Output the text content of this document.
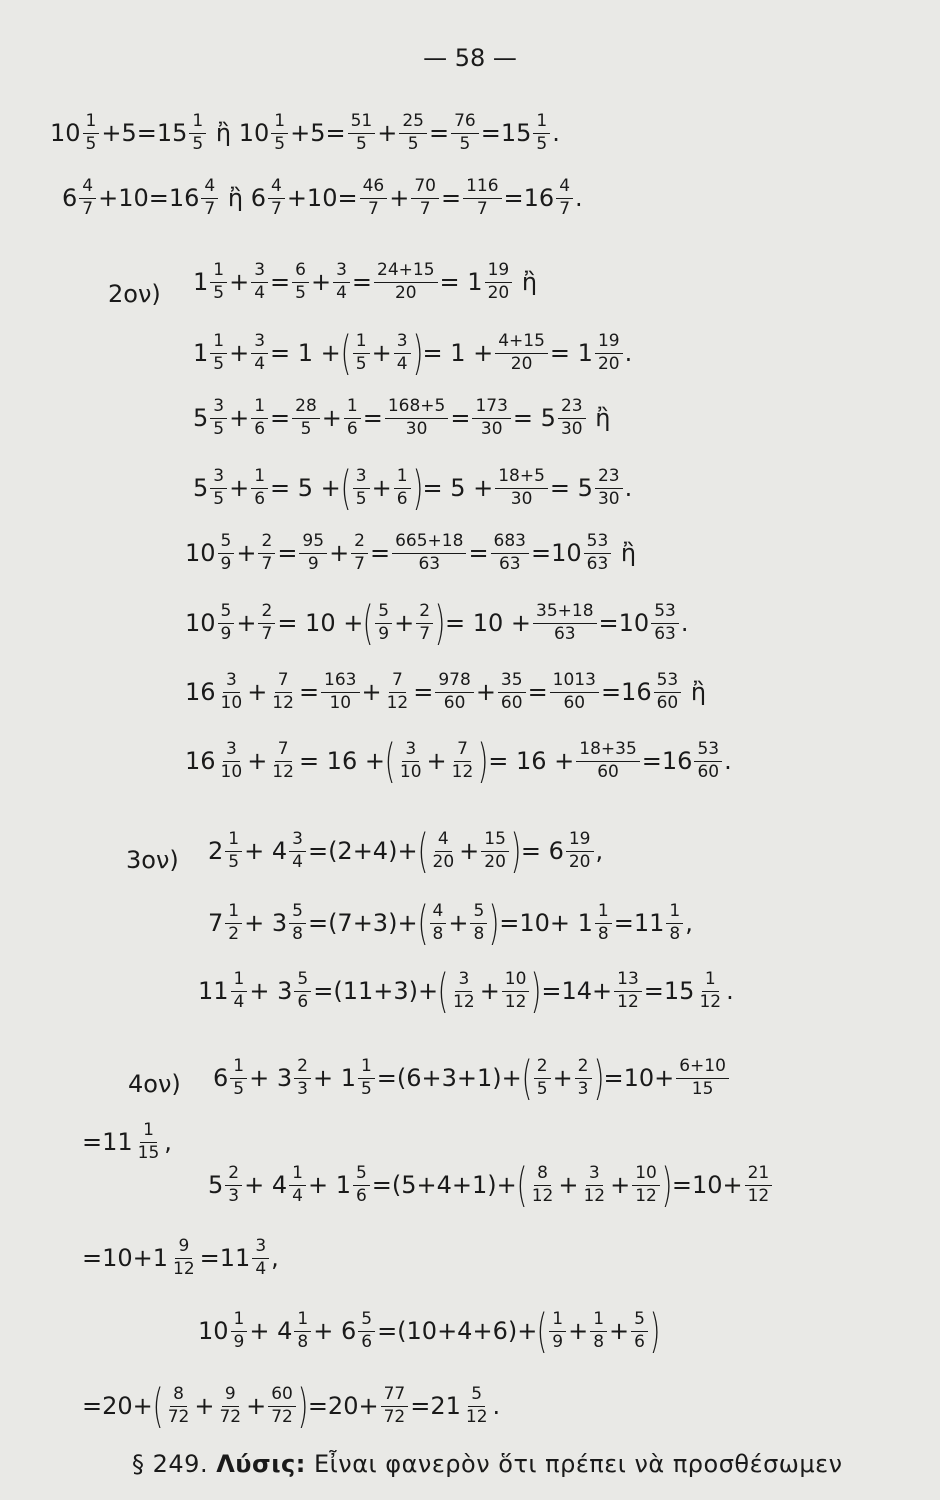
— 58 —
2ον)
3ον)
4ον)
$10 \frac{1}{5} +5=15 \frac{1}{5}$ ἢ $10 \frac{1}{5} +5= \frac{51}{5} + \frac{25}{5} = \frac{76}{5} =15 \frac{1}{5}$ .
$6 \frac{4}{7} +10=16 \frac{4}{7}$ ἢ $6 \frac{4}{7} +10= \frac{46}{7} + \frac{70}{7} = \frac{116}{7} =16 \frac{4}{7}$ .
$1 \frac{1}{5} + \frac{3}{4} = \frac{6}{5} + \frac{3}{4} = \frac{24+15}{20} = 1 \frac{19}{20}$ ἢ
$1 \frac{1}{5} + \frac{3}{4} = 1$ + ( $\frac{1}{5} + \frac{3}{4}$ ) = $1 + \frac{4+15}{20} = 1 \frac{19}{20}$ .
$5 \frac{3}{5} + \frac{1}{6} = \frac{28}{5} + \frac{1}{6} = \frac{168+5}{30} = \frac{173}{30} = 5 \frac{23}{30}$ ἢ
$5 \frac{3}{5} + \frac{1}{6} = 5$ + ( $\frac{3}{5} + \frac{1}{6}$ ) = $5 + \frac{18+5}{30} = 5 \frac{23}{30}$ .
$10 \frac{5}{9} + \frac{2}{7} = \frac{95}{9} + \frac{2}{7} = \frac{665+18}{63} = \frac{683}{63} =10 \frac{53}{63}$ ἢ
$10 \frac{5}{9} + \frac{2}{7} = 10$ + ( $\frac{5}{9} + \frac{2}{7}$ ) = $10 + \frac{35+18}{63} =10 \frac{53}{63}$ .
$16 \frac{3}{10} + \frac{7}{12} = \frac{163}{10} + \frac{7}{12} = \frac{978}{60} + \frac{35}{60} = \frac{1013}{60} =16 \frac{53}{60}$ ἢ
$16 \frac{3}{10} + \frac{7}{12} = 16$ + ( $\frac{3}{10} + \frac{7}{12}$ ) = $16 + \frac{18+35}{60} =16 \frac{53}{60}$ .
$2 \frac{1}{5} + 4 \frac{3}{4} =(2+4)+$ ( $\frac{4}{20} + \frac{15}{20}$ ) = $6 \frac{19}{20}$ ,
$7 \frac{1}{2} + 3 \frac{5}{8} =(7+3)+$ ( $\frac{4}{8} + \frac{5}{8}$ ) $=10+ 1 \frac{1}{8} =11 \frac{1}{8}$ ,
$11 \frac{1}{4} + 3 \frac{5}{6} =(11+3)+$ ( $\frac{3}{12} + \frac{10}{12}$ ) $=14+ \frac{13}{12} =15 \frac{1}{12}$ .
$6 \frac{1}{5} + 3 \frac{2}{3} + 1 \frac{1}{5} =(6+3+1)+$ ( $\frac{2}{5} + \frac{2}{3}$ ) $=10+ \frac{6+10}{15}$
$=11 \frac{1}{15}$ ,
$5 \frac{2}{3} + 4 \frac{1}{4} + 1 \frac{5}{6} =(5+4+1)+$ ( $\frac{8}{12} + \frac{3}{12} + \frac{10}{12}$ ) $=10+ \frac{21}{12}$
$=10+1 \frac{9}{12} =11 \frac{3}{4}$ ,
$10 \frac{1}{9} + 4 \frac{1}{8} + 6 \frac{5}{6} =(10+4+6)+$ ( $\frac{1}{9} + \frac{1}{8} + \frac{5}{6}$ )
=20+ ( $\frac{8}{72} + \frac{9}{72} + \frac{60}{72}$ ) $=20+ \frac{77}{72} =21 \frac{5}{12}$ .
§ 249. Λύσις: Εἶναι φανερὸν ὅτι πρέπει νὰ προσθέσωμεν
